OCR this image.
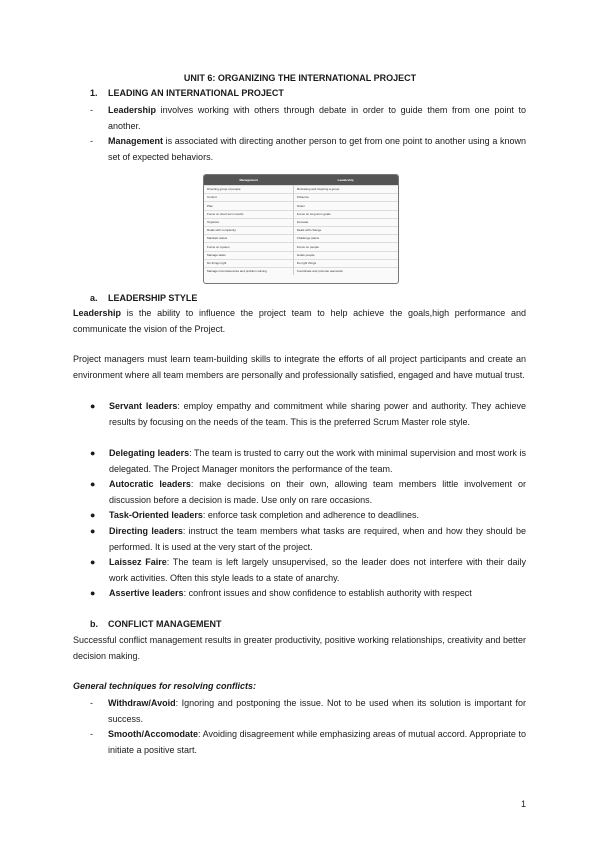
UNIT 6: ORGANIZING THE INTERNATIONAL PROJECT
1. LEADING AN INTERNATIONAL PROJECT
- Leadership involves working with others through debate in order to guide them from one point to another.
- Management is associated with directing another person to get from one point to another using a known set of expected behaviors.
Management	Leadership
Directing group of people	Motivating and inspiring a group
Control	Influence
Plan	Vision
Focus on short term results	Focus on long-term goals
Organize	Innovate
Deals with complexity	Deals with change
Maintain status	Challenge status
Focus on system	Focus on people
Manage tasks	Guide people
Do things right	Do right things
Manage inconsistencies and problem solving	Coordinate and promote teamwork
a. LEADERSHIP STYLE
Leadership is the ability to influence the project team to help achieve the goals,high performance and communicate the vision of the Project.
Project managers must learn team-building skills to integrate the efforts of all project participants and create an environment where all team members are personally and professionally satisfied, engaged and have mutual trust.
● Servant leaders: employ empathy and commitment while sharing power and authority. They achieve results by focusing on the needs of the team. This is the preferred Scrum Master role style.
● Delegating leaders: The team is trusted to carry out the work with minimal supervision and most work is delegated. The Project Manager monitors the performance of the team.
● Autocratic leaders: make decisions on their own, allowing team members little involvement or discussion before a decision is made. Use only on rare occasions.
● Task-Oriented leaders: enforce task completion and adherence to deadlines.
● Directing leaders: instruct the team members what tasks are required, when and how they should be performed. It is used at the very start of the project.
● Laissez Faire: The team is left largely unsupervised, so the leader does not interfere with their daily work activities. Often this style leads to a state of anarchy.
● Assertive leaders: confront issues and show confidence to establish authority with respect
b. CONFLICT MANAGEMENT
Successful conflict management results in greater productivity, positive working relationships, creativity and better decision making.
General techniques for resolving conflicts:
- Withdraw/Avoid: Ignoring and postponing the issue. Not to be used when its solution is important for success.
- Smooth/Accomodate: Avoiding disagreement while emphasizing areas of mutual accord. Appropriate to initiate a positive start.
1
